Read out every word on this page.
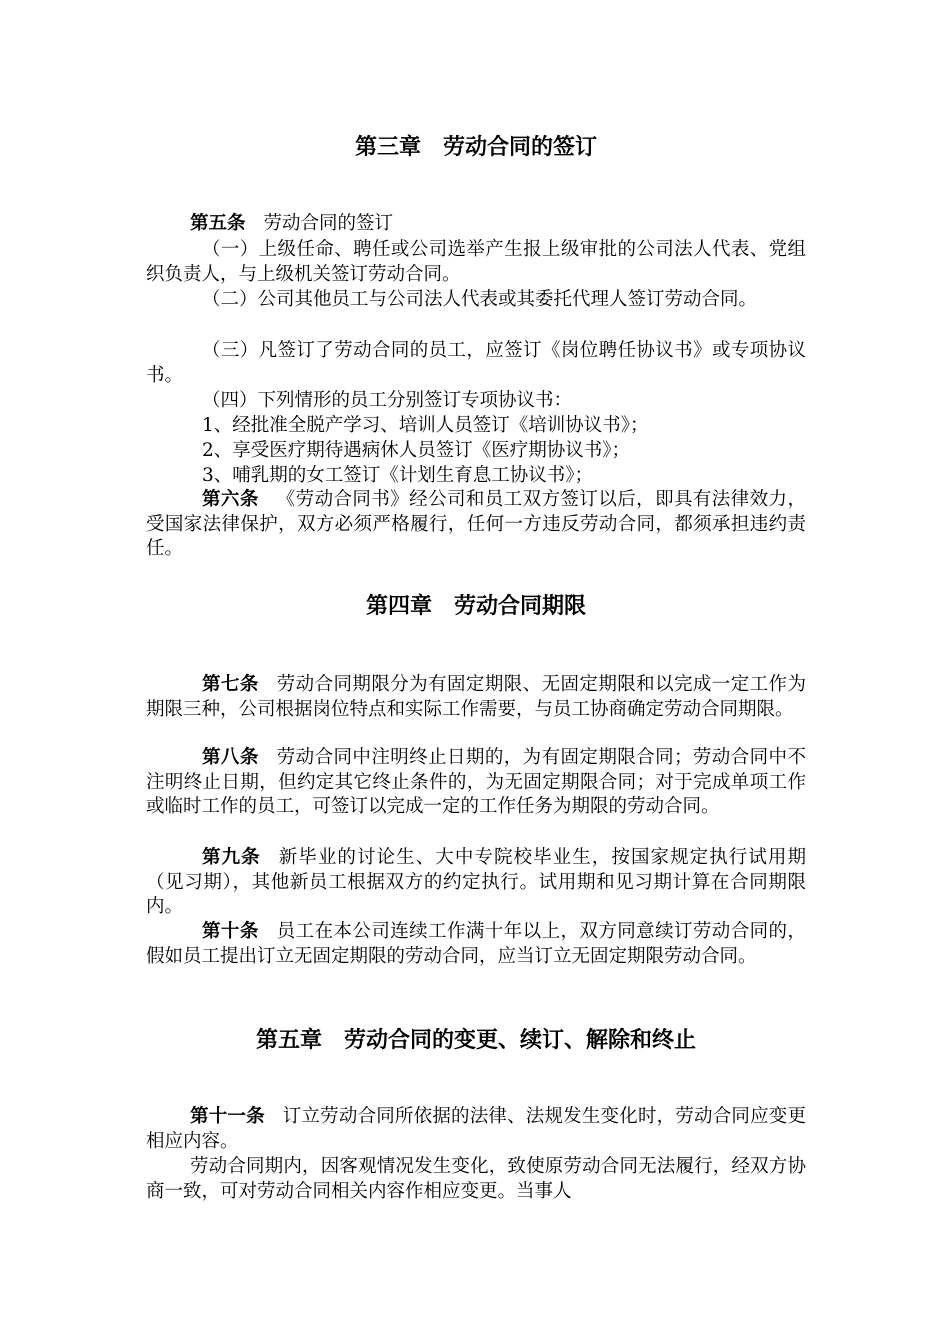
第三章　劳动合同的签订

第五条 劳动合同的签订

（一）上级任命、聘任或公司选举产生报上级审批的公司法人代表、党组织负责人，与上级机关签订劳动合同。

（二）公司其他员工与公司法人代表或其委托代理人签订劳动合同。

（三）凡签订了劳动合同的员工，应签订《岗位聘任协议书》或专项协议书。

（四）下列情形的员工分别签订专项协议书：

1、经批准全脱产学习、培训人员签订《培训协议书》；

2、享受医疗期待遇病休人员签订《医疗期协议书》；

3、哺乳期的女工签订《计划生育息工协议书》；

第六条 《劳动合同书》经公司和员工双方签订以后，即具有法律效力，受国家法律保护，双方必须严格履行，任何一方违反劳动合同，都须承担违约责任。

第四章　劳动合同期限

第七条 劳动合同期限分为有固定期限、无固定期限和以完成一定工作为期限三种，公司根据岗位特点和实际工作需要，与员工协商确定劳动合同期限。

第八条 劳动合同中注明终止日期的，为有固定期限合同；劳动合同中不注明终止日期，但约定其它终止条件的，为无固定期限合同；对于完成单项工作或临时工作的员工，可签订以完成一定的工作任务为期限的劳动合同。

第九条 新毕业的讨论生、大中专院校毕业生，按国家规定执行试用期（见习期），其他新员工根据双方的约定执行。试用期和见习期计算在合同期限内。

第十条 员工在本公司连续工作满十年以上，双方同意续订劳动合同的，假如员工提出订立无固定期限的劳动合同，应当订立无固定期限劳动合同。

第五章　劳动合同的变更、续订、解除和终止

第十一条 订立劳动合同所依据的法律、法规发生变化时，劳动合同应变更相应内容。

劳动合同期内，因客观情况发生变化，致使原劳动合同无法履行，经双方协商一致，可对劳动合同相关内容作相应变更。当事人
